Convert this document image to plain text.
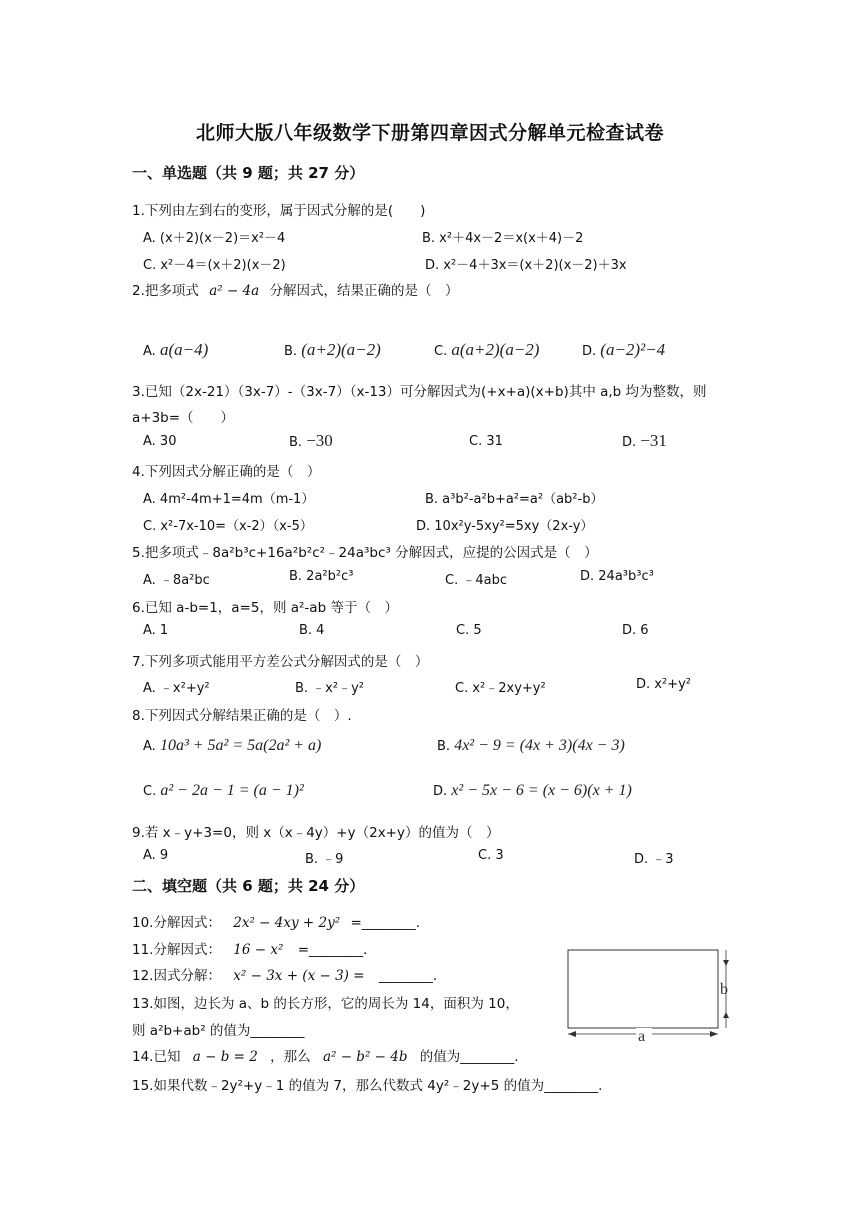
北师大版八年级数学下册第四章因式分解单元检查试卷
一、单选题（共 9 题；共 27 分）
1.下列由左到右的变形，属于因式分解的是(　　)
A. (x＋2)(x－2)＝x²－4	B. x²＋4x－2＝x(x＋4)－2
C. x²－4＝(x＋2)(x－2)	D. x²－4＋3x＝(x＋2)(x－2)＋3x
2.把多项式 a² − 4a 分解因式，结果正确的是（　）
A. a(a−4)	B. (a+2)(a−2)	C. a(a+2)(a−2)	D. (a−2)²−4
3.已知（2x-21）（3x-7）-（3x-7）（x-13）可分解因式为(+x+a)(x+b)其中 a,b 均为整数，则
a+3b=（　　）
A. 30	B. −30	C. 31	D. −31
4.下列因式分解正确的是（　）
A. 4m²-4m+1=4m（m-1）	B. a³b²-a²b+a²=a²（ab²-b）
C. x²-7x-10=（x-2）（x-5）	D. 10x²y-5xy²=5xy（2x-y）
5.把多项式﹣8a²b³c+16a²b²c²﹣24a³bc³ 分解因式，应提的公因式是（　）
A. ﹣8a²bc	B. 2a²b²c³	C. ﹣4abc	D. 24a³b³c³
6.已知 a-b=1，a=5，则 a²-ab 等于（　）
A. 1	B. 4	C. 5	D. 6
7.下列多项式能用平方差公式分解因式的是（　）
A. ﹣x²+y²	B. ﹣x²﹣y²	C. x²﹣2xy+y²	D. x²+y²
8.下列因式分解结果正确的是（　）.
A. 10a³ + 5a² = 5a(2a² + a)	B. 4x² − 9 = (4x + 3)(4x − 3)
C. a² − 2a − 1 = (a − 1)²	D. x² − 5x − 6 = (x − 6)(x + 1)
9.若 x﹣y+3=0，则 x（x﹣4y）+y（2x+y）的值为（　）
A. 9	B. ﹣9	C. 3	D. ﹣3
二、填空题（共 6 题；共 24 分）
10.分解因式： 2x² − 4xy + 2y² =________.
11.分解因式： 16 − x² =________.
12.因式分解： x² − 3x + (x − 3) = ________.
13.如图，边长为 a、b 的长方形，它的周长为 14，面积为 10，
则 a²b+ab² 的值为________
b
a
14.已知 a − b = 2 ，那么 a² − b² − 4b 的值为________.
15.如果代数﹣2y²+y﹣1 的值为 7，那么代数式 4y²﹣2y+5 的值为________.
